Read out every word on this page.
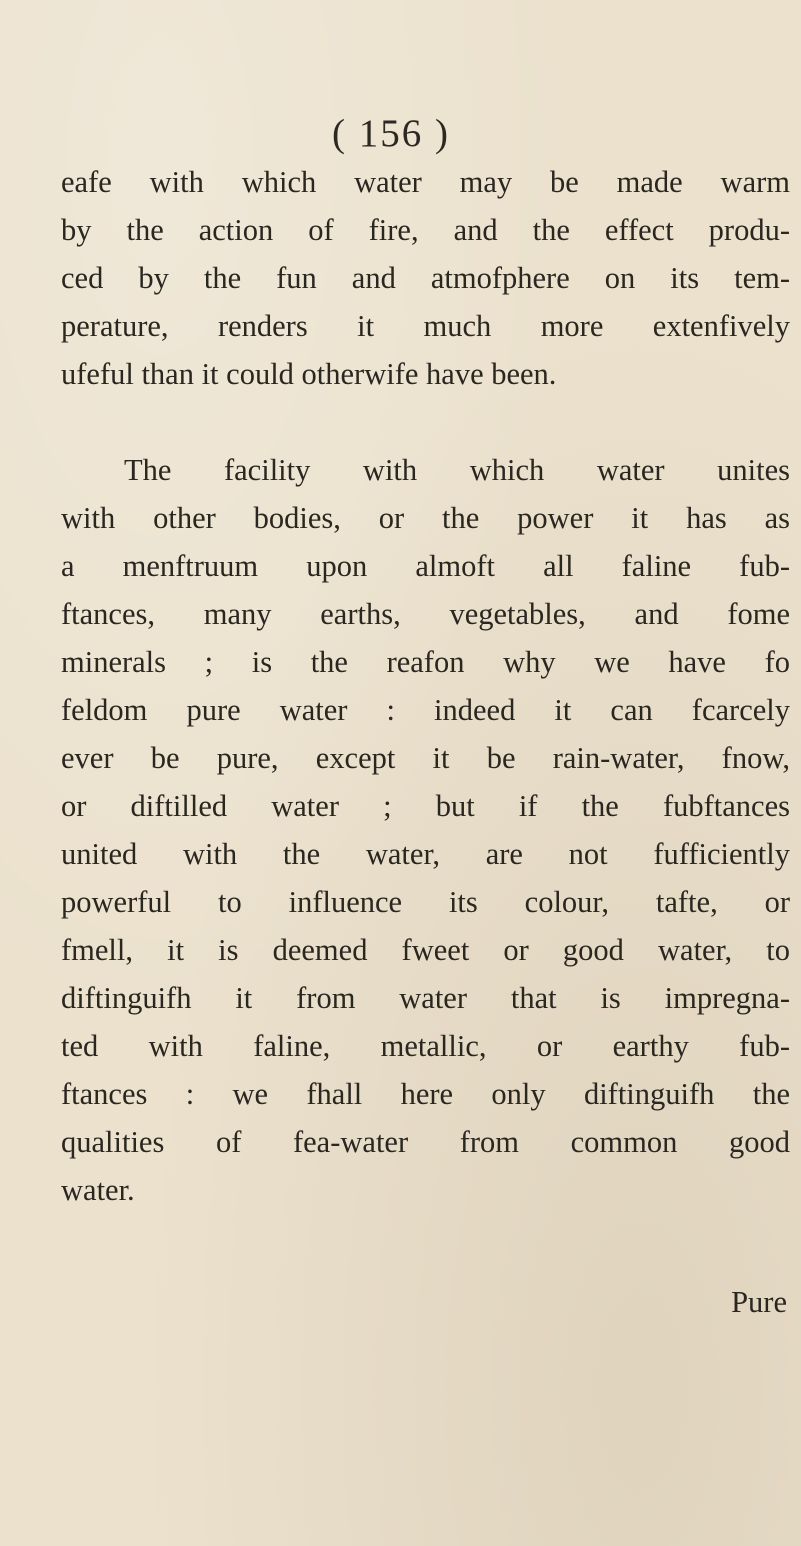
( 156 )
eafe with which water may be made warm
by the action of fire, and the effect produ-
ced by the fun and atmofphere on its tem-
perature, renders it much more extenfively
ufeful than it could otherwife have been.
The facility with which water unites
with other bodies, or the power it has as
a menftruum upon almoft all faline fub-
ftances, many earths, vegetables, and fome
minerals ; is the reafon why we have fo
feldom pure water : indeed it can fcarcely
ever be pure, except it be rain-water, fnow,
or diftilled water ; but if the fubftances
united with the water, are not fufficiently
powerful to influence its colour, tafte, or
fmell, it is deemed fweet or good water, to
diftinguifh it from water that is impregna-
ted with faline, metallic, or earthy fub-
ftances : we fhall here only diftinguifh the
qualities of fea-water from common good
water.
Pure
